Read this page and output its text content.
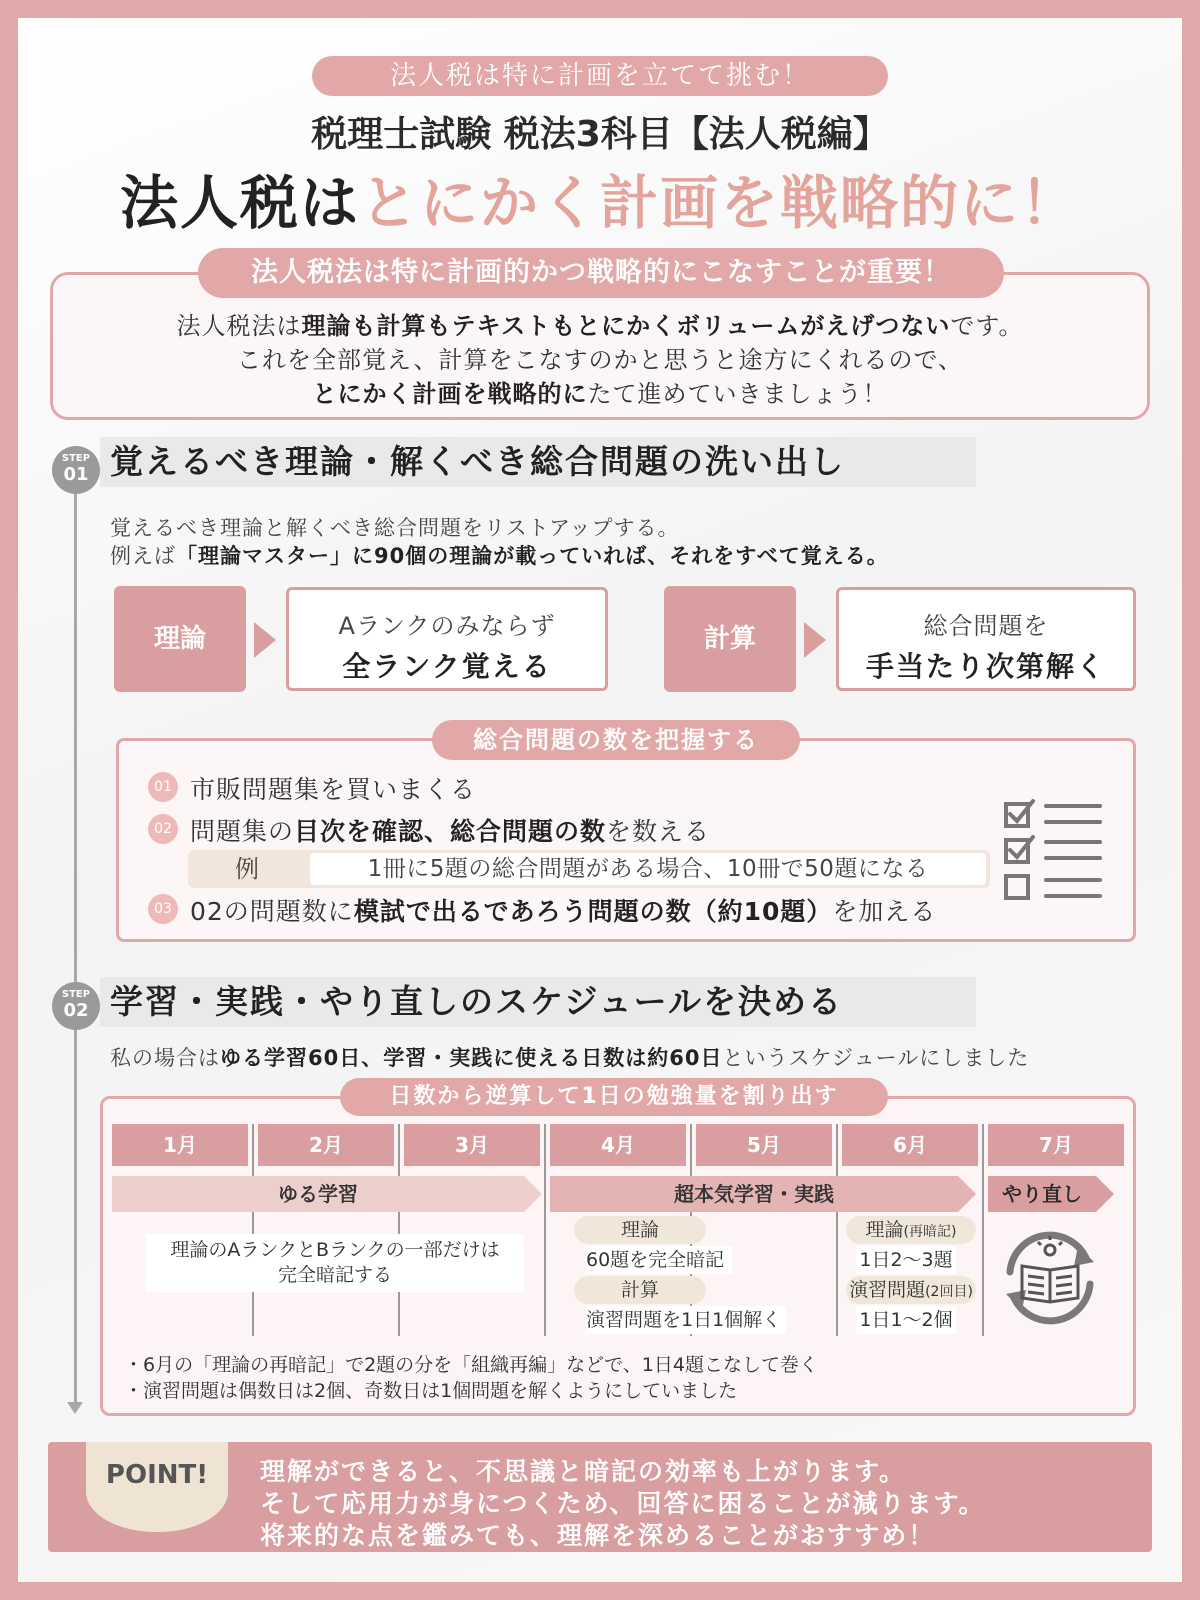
法人税は特に計画を立てて挑む！
税理士試験 税法3科目【法人税編】
法人税はとにかく計画を戦略的に！
法人税法は特に計画的かつ戦略的にこなすことが重要！
法人税法は理論も計算もテキストもとにかくボリュームがえげつないです。
これを全部覚え、計算をこなすのかと思うと途方にくれるので、
とにかく計画を戦略的にたて進めていきましょう！
覚えるべき理論・解くべき総合問題の洗い出し
STEP
01
覚えるべき理論と解くべき総合問題をリストアップする。
例えば「理論マスター」に90個の理論が載っていれば、それをすべて覚える。
理論	Aランクのみならず
全ランク覚える
計算	総合問題を
手当たり次第解く
総合問題の数を把握する
01 市販問題集を買いまくる
02 問題集の目次を確認、総合問題の数を数える
例	1冊に5題の総合問題がある場合、10冊で50題になる
03 02の問題数に模試で出るであろう問題の数（約10題）を加える
学習・実践・やり直しのスケジュールを決める
STEP
02
私の場合はゆる学習60日、学習・実践に使える日数は約60日というスケジュールにしました
日数から逆算して1日の勉強量を割り出す
1月	2月	3月	4月	5月	6月	7月
ゆる学習	超本気学習・実践	やり直し
理論のAランクとBランクの一部だけは
完全暗記する
理論
60題を完全暗記
計算
演習問題を1日1個解く
理論(再暗記)
1日2〜3題
演習問題(2回目)
1日1〜2個
・6月の「理論の再暗記」で2題の分を「組織再編」などで、1日4題こなして巻く
・演習問題は偶数日は2個、奇数日は1個問題を解くようにしていました
POINT!	理解ができると、不思議と暗記の効率も上がります。
そして応用力が身につくため、回答に困ることが減ります。
将来的な点を鑑みても、理解を深めることがおすすめ！
